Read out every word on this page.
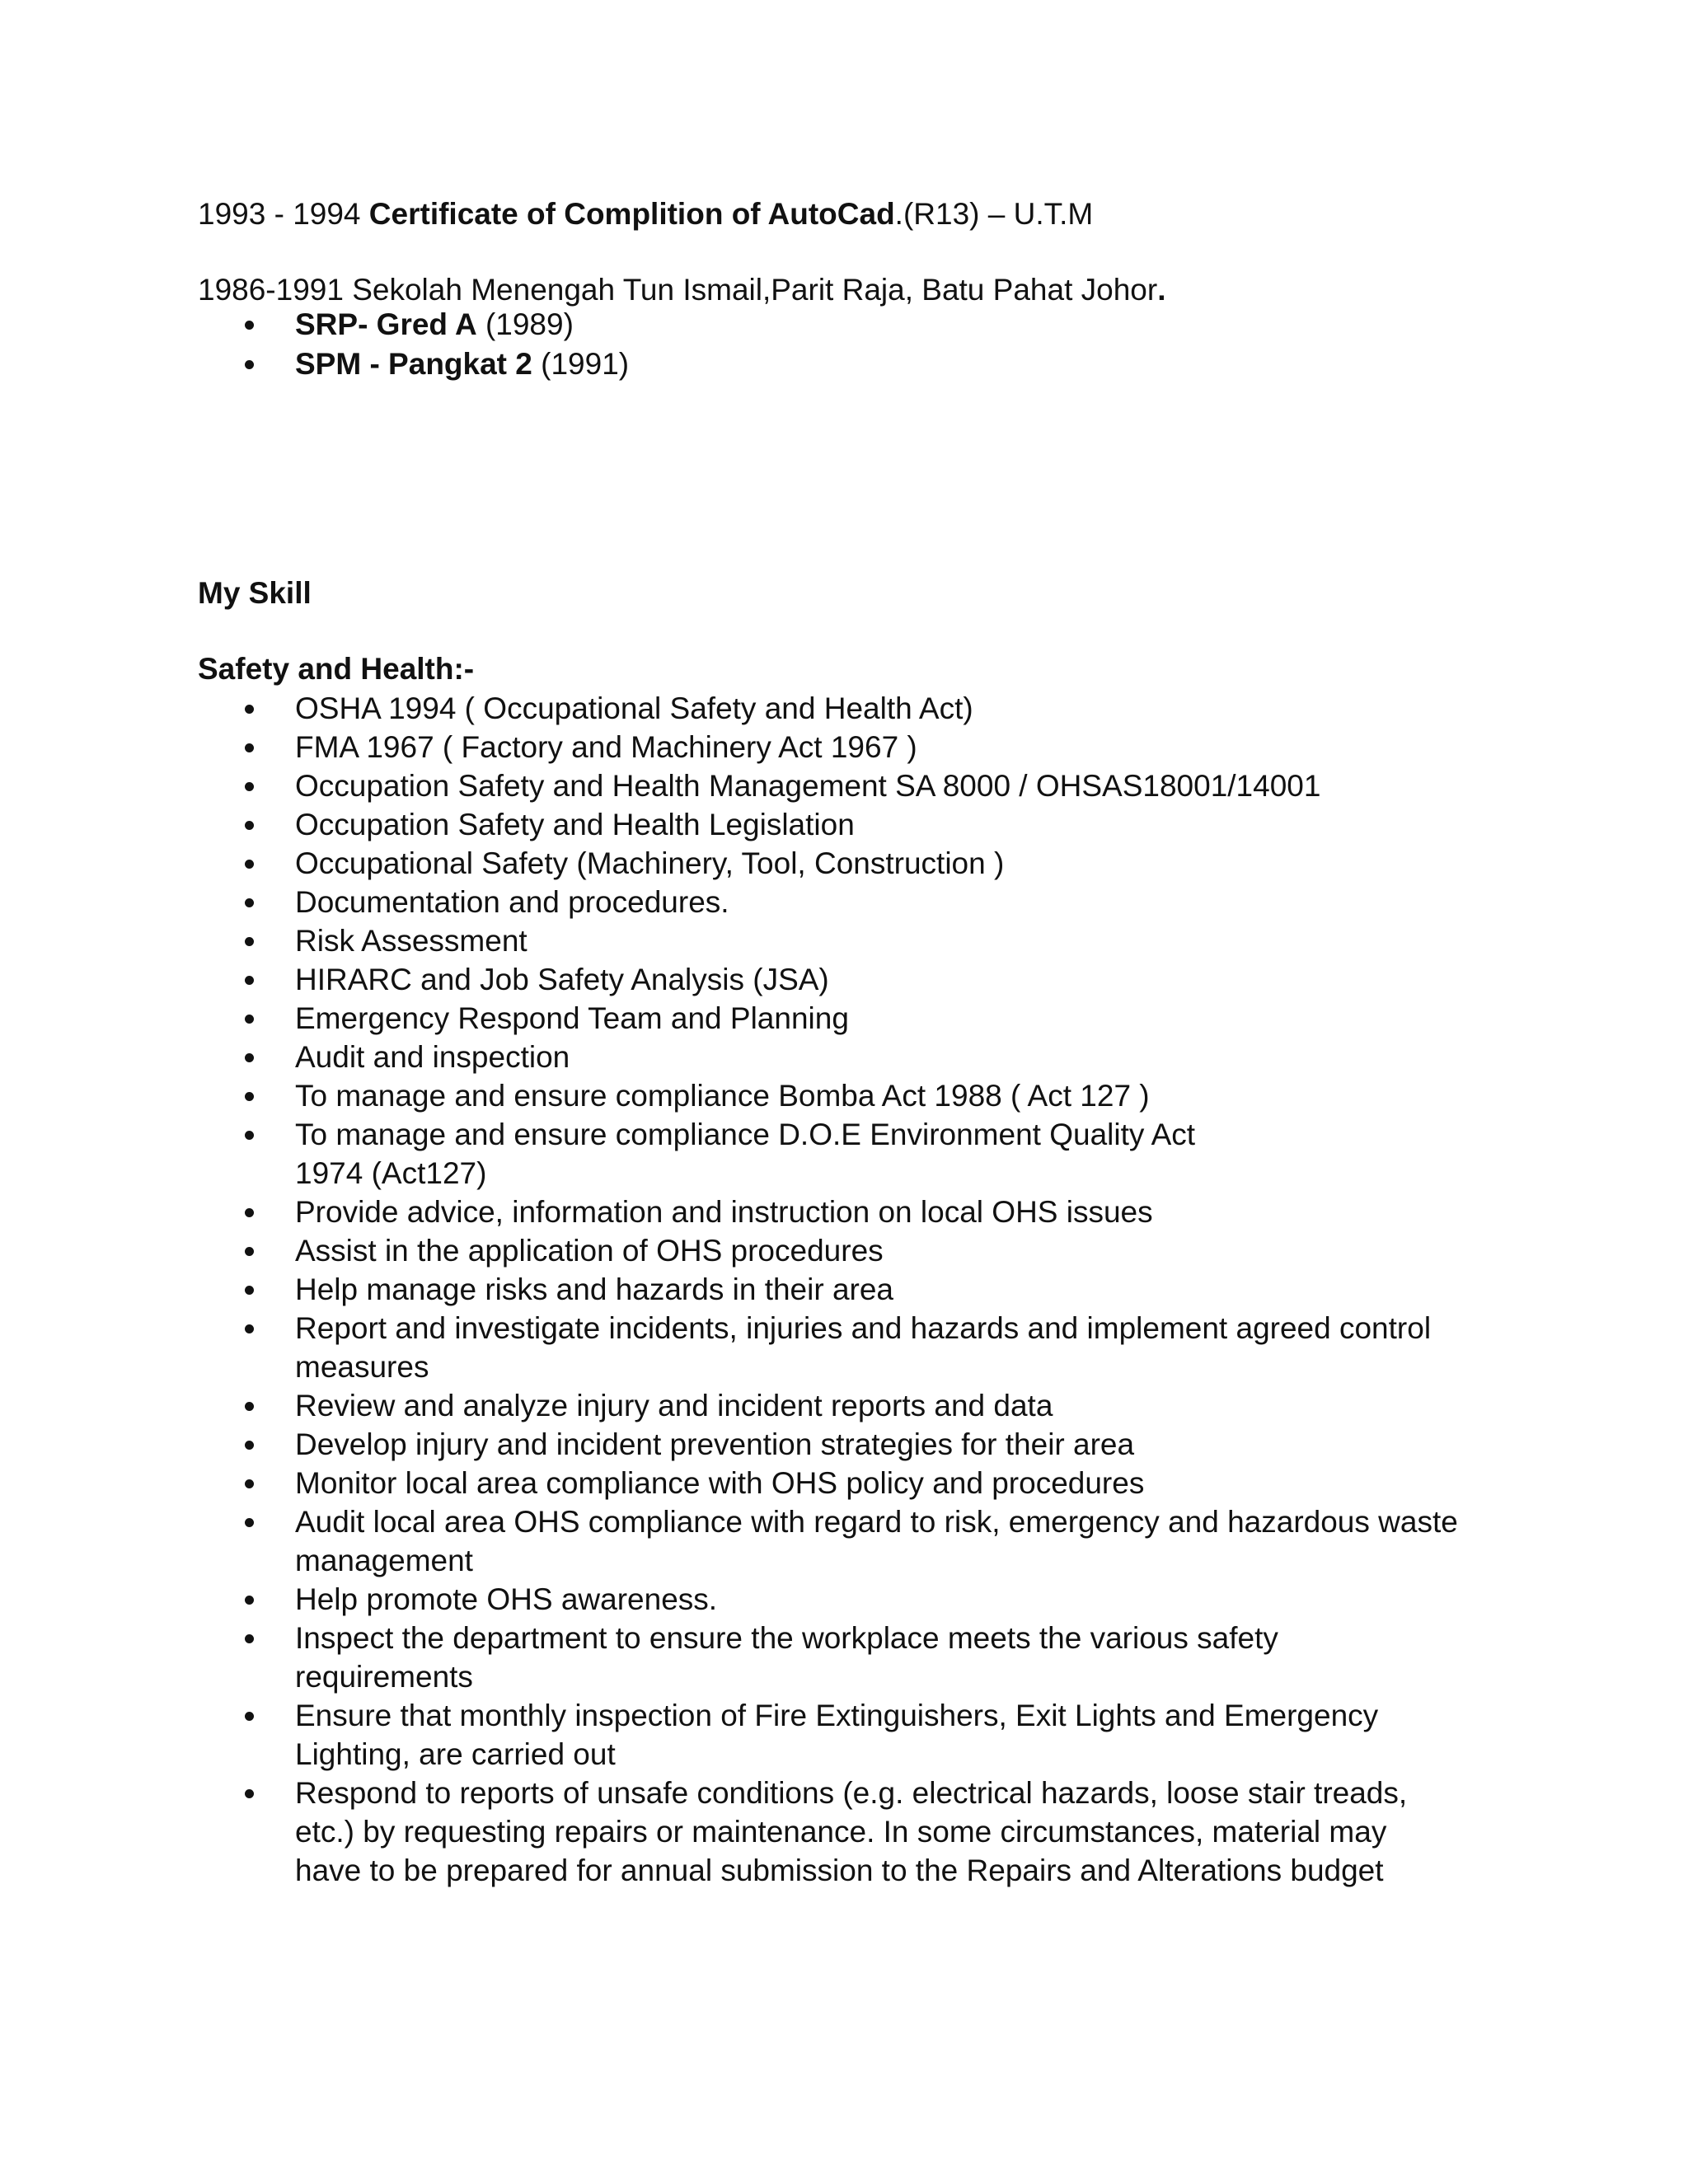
1993 - 1994 Certificate of Complition of AutoCad.(R13) – U.T.M
1986-1991 Sekolah Menengah Tun Ismail,Parit Raja, Batu Pahat Johor.
SRP- Gred A (1989)
SPM - Pangkat 2 (1991)
My Skill
Safety and Health:-
OSHA 1994 ( Occupational Safety and Health Act)
FMA 1967 ( Factory and Machinery Act 1967 )
Occupation Safety and Health Management SA 8000 / OHSAS18001/14001
Occupation Safety and Health Legislation
Occupational Safety (Machinery, Tool, Construction )
Documentation and procedures.
Risk Assessment
HIRARC and Job Safety Analysis (JSA)
Emergency Respond Team and Planning
Audit and inspection
To manage and ensure compliance Bomba Act 1988 ( Act 127 )
To manage and ensure compliance D.O.E Environment Quality Act 1974 (Act127)
Provide advice, information and instruction on local OHS issues
Assist in the application of OHS procedures
Help manage risks and hazards in their area
Report and investigate incidents, injuries and hazards and implement agreed control measures
Review and analyze injury and incident reports and data
Develop injury and incident prevention strategies for their area
Monitor local area compliance with OHS policy and procedures
Audit local area OHS compliance with regard to risk, emergency and hazardous waste management
Help promote OHS awareness.
Inspect the department to ensure the workplace meets the various safety requirements
Ensure that monthly inspection of Fire Extinguishers, Exit Lights and Emergency Lighting, are carried out
Respond to reports of unsafe conditions (e.g. electrical hazards, loose stair treads, etc.) by requesting repairs or maintenance. In some circumstances, material may have to be prepared for annual submission to the Repairs and Alterations budget
